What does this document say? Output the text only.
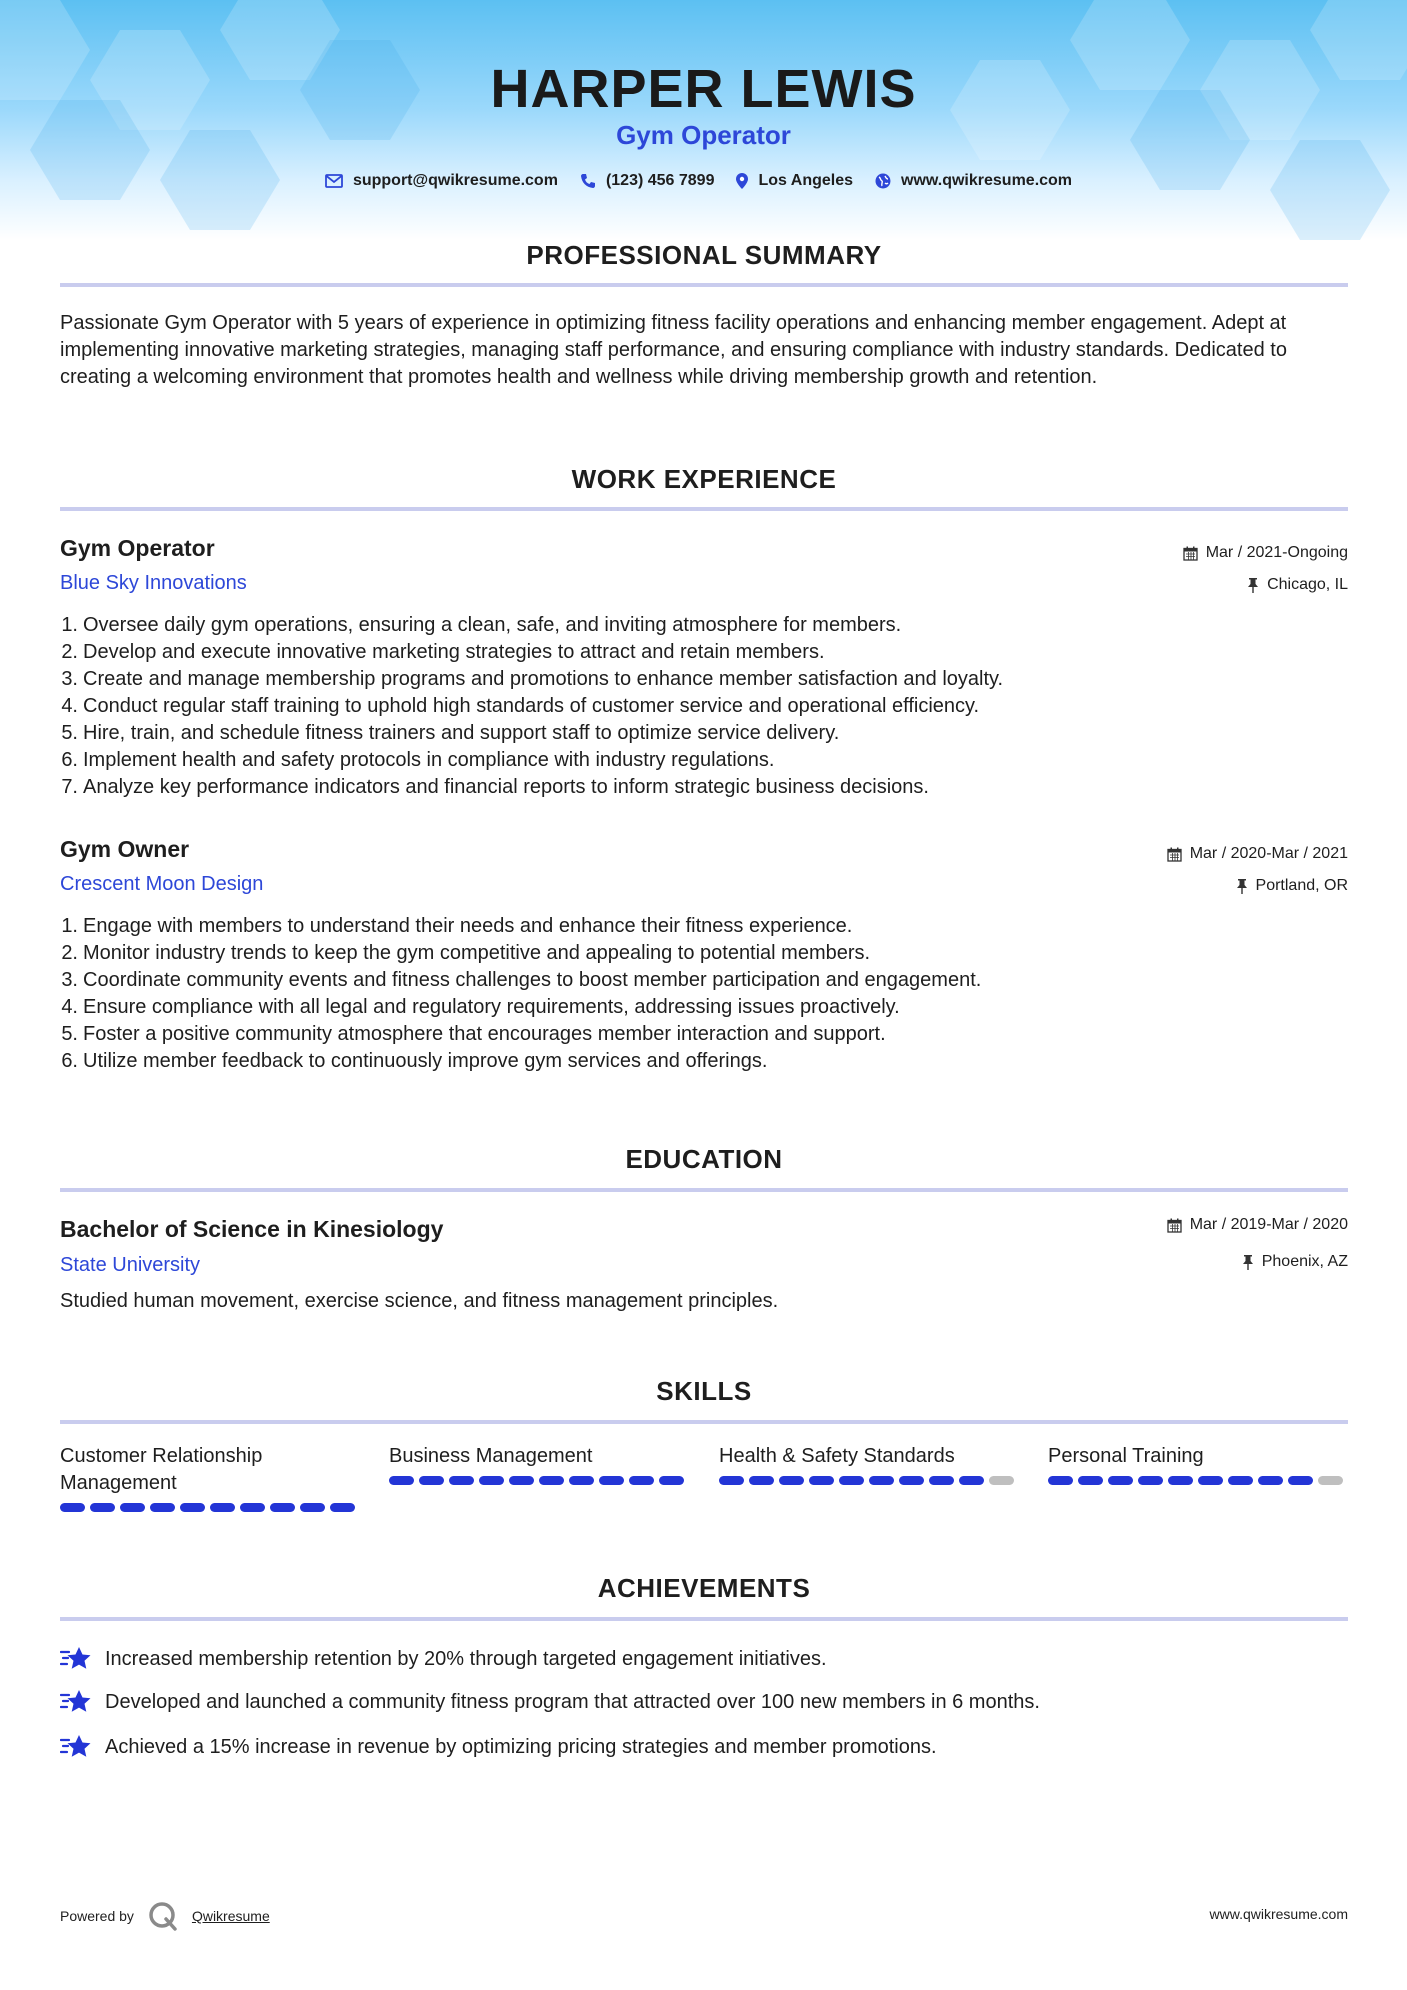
HARPER LEWIS
Gym Operator
support@qwikresume.com	(123) 456 7899	Los Angeles	www.qwikresume.com
PROFESSIONAL SUMMARY
Passionate Gym Operator with 5 years of experience in optimizing fitness facility operations and enhancing member engagement. Adept at implementing innovative marketing strategies, managing staff performance, and ensuring compliance with industry standards. Dedicated to creating a welcoming environment that promotes health and wellness while driving membership growth and retention.
WORK EXPERIENCE
Gym Operator
Blue Sky Innovations
Mar / 2021-Ongoing
Chicago, IL
1. Oversee daily gym operations, ensuring a clean, safe, and inviting atmosphere for members.
2. Develop and execute innovative marketing strategies to attract and retain members.
3. Create and manage membership programs and promotions to enhance member satisfaction and loyalty.
4. Conduct regular staff training to uphold high standards of customer service and operational efficiency.
5. Hire, train, and schedule fitness trainers and support staff to optimize service delivery.
6. Implement health and safety protocols in compliance with industry regulations.
7. Analyze key performance indicators and financial reports to inform strategic business decisions.
Gym Owner
Crescent Moon Design
Mar / 2020-Mar / 2021
Portland, OR
1. Engage with members to understand their needs and enhance their fitness experience.
2. Monitor industry trends to keep the gym competitive and appealing to potential members.
3. Coordinate community events and fitness challenges to boost member participation and engagement.
4. Ensure compliance with all legal and regulatory requirements, addressing issues proactively.
5. Foster a positive community atmosphere that encourages member interaction and support.
6. Utilize member feedback to continuously improve gym services and offerings.
EDUCATION
Bachelor of Science in Kinesiology
State University
Mar / 2019-Mar / 2020
Phoenix, AZ
Studied human movement, exercise science, and fitness management principles.
SKILLS
Customer Relationship Management
Business Management	Health & Safety Standards	Personal Training
ACHIEVEMENTS
Increased membership retention by 20% through targeted engagement initiatives.
Developed and launched a community fitness program that attracted over 100 new members in 6 months.
Achieved a 15% increase in revenue by optimizing pricing strategies and member promotions.
Powered by	Qwikresume	www.qwikresume.com
